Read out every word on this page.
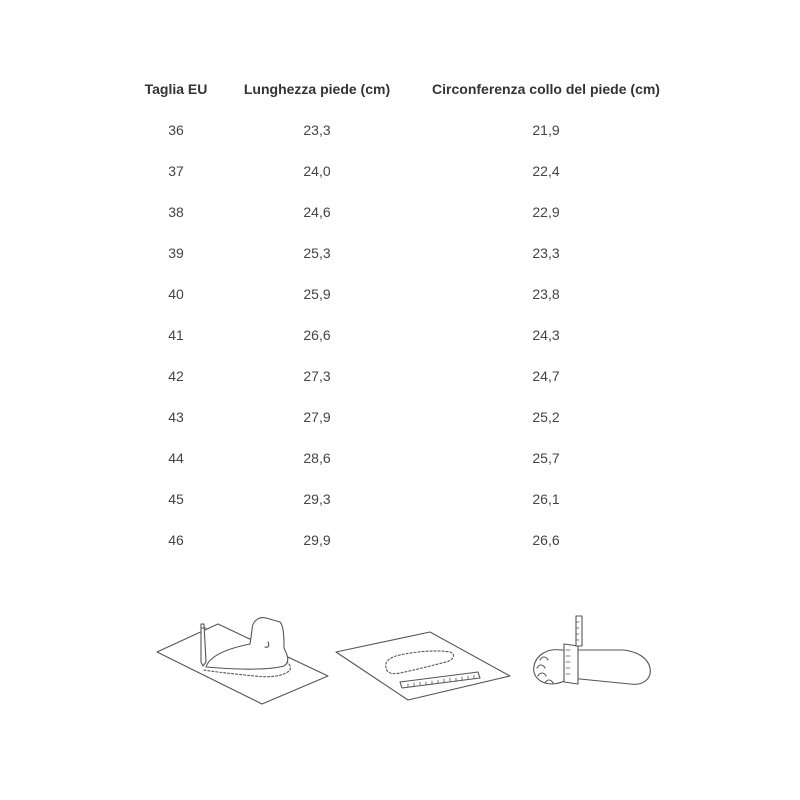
Taglia EU	Lunghezza piede (cm)	Circonferenza collo del piede (cm)
36	23,3	21,9
37	24,0	22,4
38	24,6	22,9
39	25,3	23,3
40	25,9	23,8
41	26,6	24,3
42	27,3	24,7
43	27,9	25,2
44	28,6	25,7
45	29,3	26,1
46	29,9	26,6
